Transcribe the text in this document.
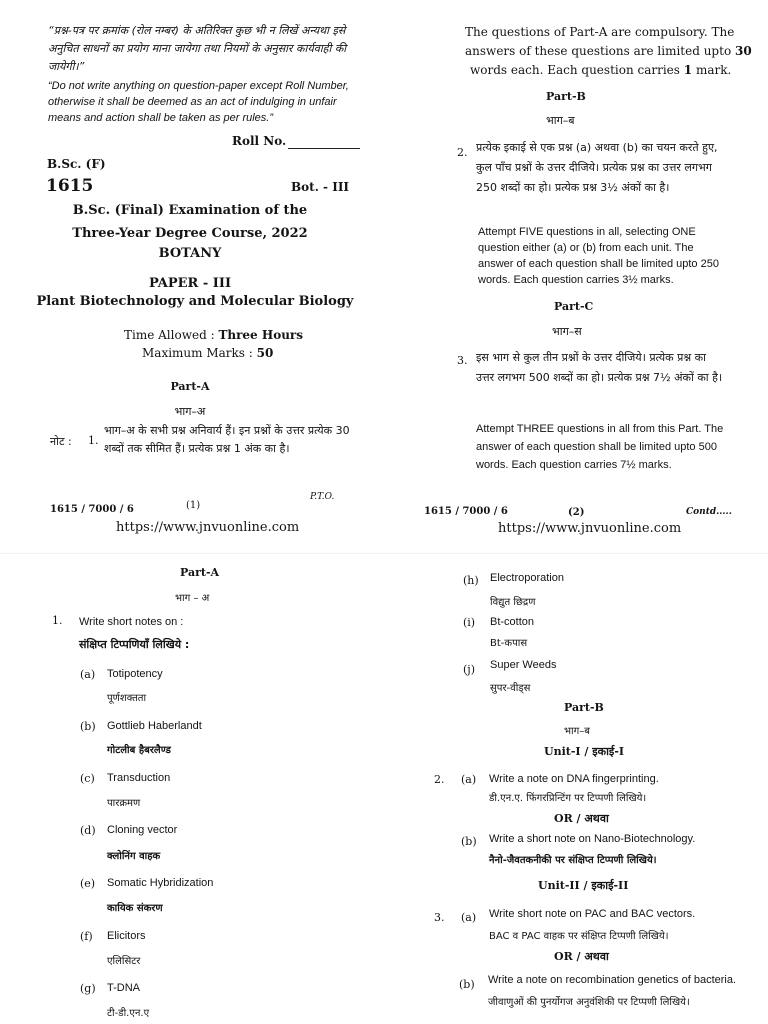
“प्रश्न-पत्र पर क्रमांक (रोल नम्बर) के अतिरिक्त कुछ भी न लिखें अन्यथा इसे अनुचित साधनों का प्रयोग माना जायेगा तथा नियमों के अनुसार कार्यवाही की जायेगी।”
“Do not write anything on question-paper except Roll Number, otherwise it shall be deemed as an act of indulging in unfair means and action shall be taken as per rules.”
Roll No.
B.Sc. (F)
1615	Bot. - III
B.Sc. (Final) Examination of the
Three-Year Degree Course, 2022
BOTANY
PAPER - III
Plant Biotechnology and Molecular Biology
Time Allowed : Three Hours
Maximum Marks : 50
Part-A
भाग–अ
नोट : 1.
भाग–अ के सभी प्रश्न अनिवार्य हैं। इन प्रश्नों के उत्तर प्रत्येक 30 शब्दों तक सीमित हैं। प्रत्येक प्रश्न 1 अंक का है।
P.T.O.
1615 / 7000 / 6	(1)
https://www.jnvuonline.com
The questions of Part-A are compulsory. The
answers of these questions are limited upto 30
words each. Each question carries 1 mark.
Part-B
भाग–ब
2. प्रत्येक इकाई से एक प्रश्न (a) अथवा (b) का चयन करते हुए, कुल पाँच प्रश्नों के उत्तर दीजिये। प्रत्येक प्रश्न का उत्तर लगभग 250 शब्दों का हो। प्रत्येक प्रश्न 3½ अंकों का है।
Attempt FIVE questions in all, selecting ONE question either (a) or (b) from each unit. The answer of each question shall be limited upto 250 words. Each question carries 3½ marks.
Part-C
भाग–स
3. इस भाग से कुल तीन प्रश्नों के उत्तर दीजिये। प्रत्येक प्रश्न का उत्तर लगभग 500 शब्दों का हो। प्रत्येक प्रश्न 7½ अंकों का है।
Attempt THREE questions in all from this Part. The answer of each question shall be limited upto 500 words. Each question carries 7½ marks.
1615 / 7000 / 6	(2)	Contd.....
https://www.jnvuonline.com
Part-A
भाग – अ
1. Write short notes on :
संक्षिप्त टिप्पणियाँ लिखिये :
(a) Totipotency
पूर्णशक्तता
(b) Gottlieb Haberlandt
गोटलीब हैबरलैण्ड
(c) Transduction
पारक्रमण
(d) Cloning vector
क्लोनिंग वाहक
(e) Somatic Hybridization
कायिक संकरण
(f) Elicitors
एलिसिटर
(g) T-DNA
टी-डी.एन.ए
(h) Electroporation
विद्युत छिद्रण
(i) Bt-cotton
Bt-कपास
(j) Super Weeds
सुपर-वीड्स
Part-B
भाग–ब
Unit-I / इकाई-I
2. (a) Write a note on DNA fingerprinting.
डी.एन.ए. फिंगरप्रिन्टिंग पर टिप्पणी लिखिये।
OR / अथवा
(b) Write a short note on Nano-Biotechnology.
नैनो-जैवतकनीकी पर संक्षिप्त टिप्पणी लिखिये।
Unit-II / इकाई-II
3. (a) Write short note on PAC and BAC vectors.
BAC व PAC वाहक पर संक्षिप्त टिप्पणी लिखिये।
OR / अथवा
(b) Write a note on recombination genetics of bacteria.
जीवाणुओं की पुनर्योगज अनुवंशिकी पर टिप्पणी लिखिये।
